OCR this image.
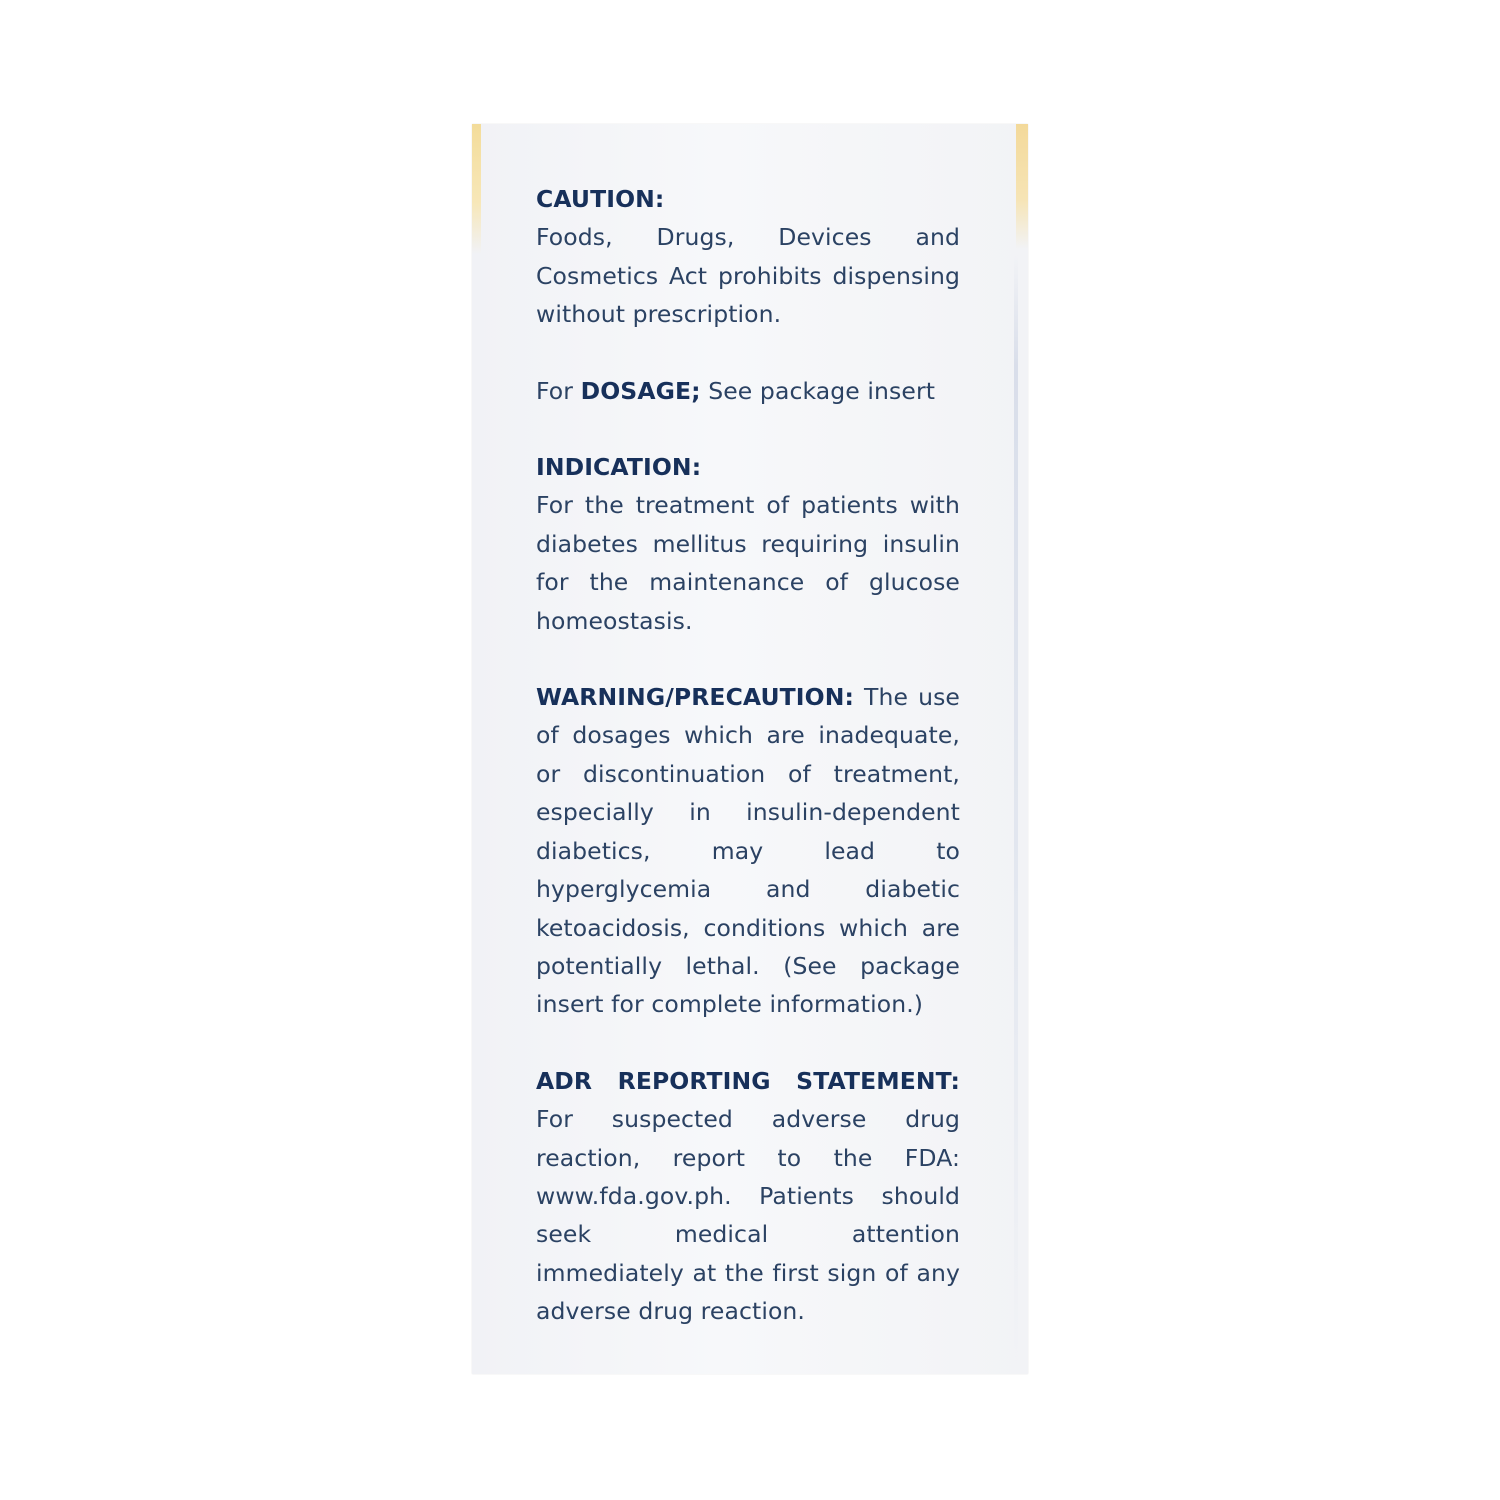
CAUTION:
Foods, Drugs, Devices and Cosmetics Act prohibits dispensing without prescription.
For DOSAGE; See package insert
INDICATION:
For the treatment of patients with diabetes mellitus requiring insulin for the maintenance of glucose homeostasis.
WARNING/PRECAUTION: The use of dosages which are inadequate, or discontinuation of treatment, especially in insulin-dependent diabetics, may lead to hyperglycemia and diabetic ketoacidosis, conditions which are potentially lethal. (See package insert for complete information.)
ADR REPORTING STATEMENT:
For suspected adverse drug reaction, report to the FDA: www.fda.gov.ph. Patients should seek medical attention immediately at the first sign of any adverse drug reaction.
